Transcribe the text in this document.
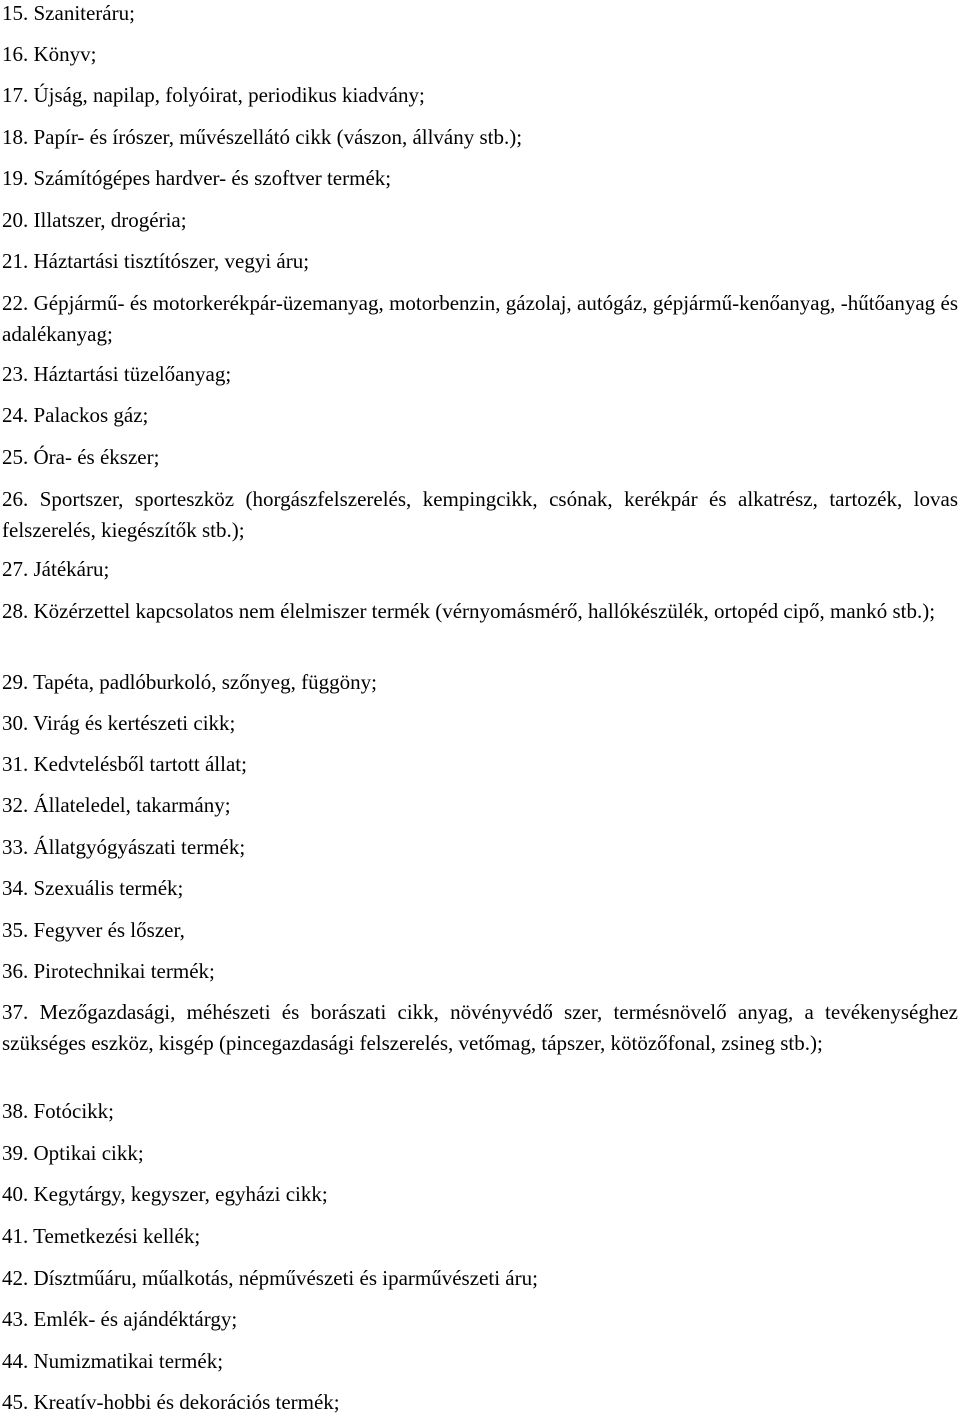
15. Szaniteráru;

16. Könyv;

17. Újság, napilap, folyóirat, periodikus kiadvány;

18. Papír- és írószer, művészellátó cikk (vászon, állvány stb.);

19. Számítógépes hardver- és szoftver termék;

20. Illatszer, drogéria;

21. Háztartási tisztítószer, vegyi áru;

22. Gépjármű- és motorkerékpár-üzemanyag, motorbenzin, gázolaj, autógáz, gépjármű-kenőanyag, -hűtőanyag és adalékanyag;

23. Háztartási tüzelőanyag;

24. Palackos gáz;

25. Óra- és ékszer;

26. Sportszer, sporteszköz (horgászfelszerelés, kempingcikk, csónak, kerékpár és alkatrész, tartozék, lovas felszerelés, kiegészítők stb.);

27. Játékáru;

28. Közérzettel kapcsolatos nem élelmiszer termék (vérnyomásmérő, hallókészülék, ortopéd cipő, mankó stb.);

29. Tapéta, padlóburkoló, szőnyeg, függöny;

30. Virág és kertészeti cikk;

31. Kedvtelésből tartott állat;

32. Állateledel, takarmány;

33. Állatgyógyászati termék;

34. Szexuális termék;

35. Fegyver és lőszer,

36. Pirotechnikai termék;

37. Mezőgazdasági, méhészeti és borászati cikk, növényvédő szer, termésnövelő anyag, a tevékenységhez szükséges eszköz, kisgép (pincegazdasági felszerelés, vetőmag, tápszer, kötözőfonal, zsineg stb.);

38. Fotócikk;

39. Optikai cikk;

40. Kegytárgy, kegyszer, egyházi cikk;

41. Temetkezési kellék;

42. Dísztműáru, műalkotás, népművészeti és iparművészeti áru;

43. Emlék- és ajándéktárgy;

44. Numizmatikai termék;

45. Kreatív-hobbi és dekorációs termék;
